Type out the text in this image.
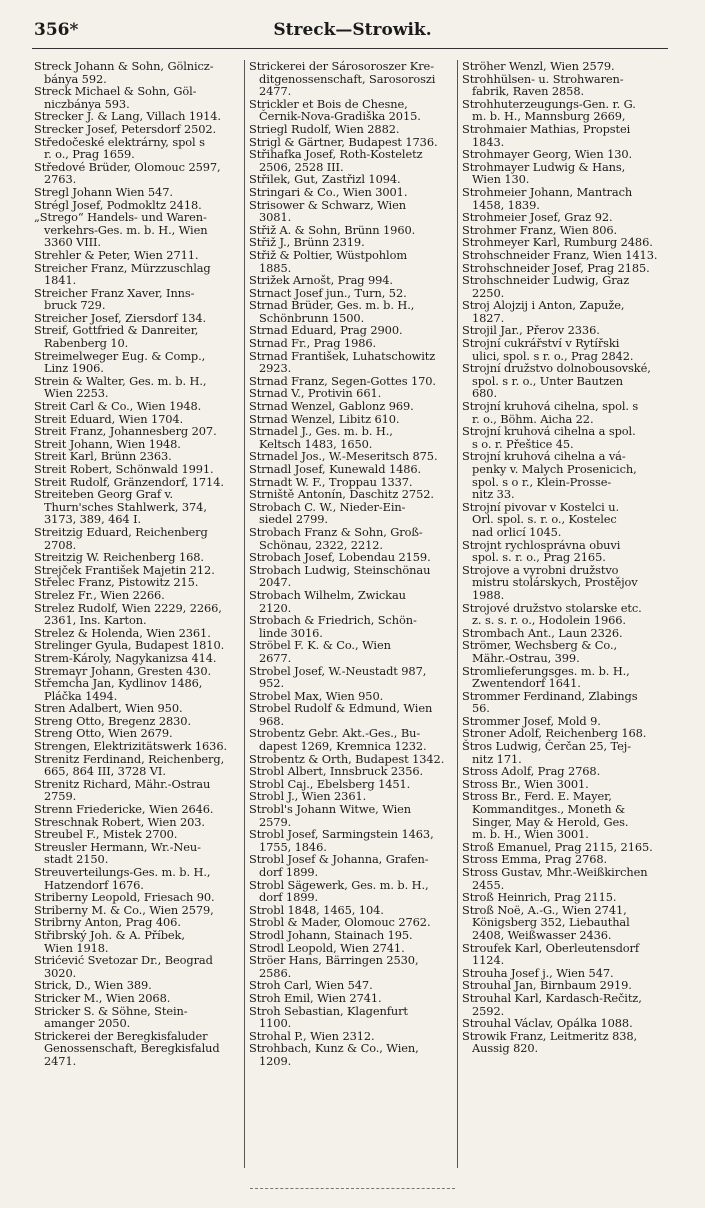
356*	Streck—Strowik.

Streck Johann & Sohn, Gölnicz-
bánya 592.

Streck Michael & Sohn, Göl-
niczbánya 593.

Strecker J. & Lang, Villach 1914.

Strecker Josef, Petersdorf 2502.

Středočeské elektrárny, spol s
r. o., Prag 1659.

Středové Brüder, Olomouc 2597,
2763.

Stregl Johann Wien 547.

Strégl Josef, Podmokltz 2418.

„Strego“ Handels- und Waren-
verkehrs-Ges. m. b. H., Wien
3360 VIII.

Strehler & Peter, Wien 2711.

Streicher Franz, Mürzzuschlag
1841.

Streicher Franz Xaver, Inns-
bruck 729.

Streicher Josef, Ziersdorf 134.

Streif, Gottfried & Danreiter,
Rabenberg 10.

Streimelweger Eug. & Comp.,
Linz 1906.

Strein & Walter, Ges. m. b. H.,
Wien 2253.

Streit Carl & Co., Wien 1948.

Streit Eduard, Wien 1704.

Streit Franz, Johannesberg 207.

Streit Johann, Wien 1948.

Streit Karl, Brünn 2363.

Streit Robert, Schönwald 1991.

Streit Rudolf, Gränzendorf, 1714.

Streiteben Georg Graf v.
Thurn'sches Stahlwerk, 374,
3173, 389, 464 I.

Streitzig Eduard, Reichenberg
2708.

Streitzig W. Reichenberg 168.

Strejček František Majetin 212.

Střelec Franz, Pistowitz 215.

Strelez Fr., Wien 2266.

Strelez Rudolf, Wien 2229, 2266,
2361, Ins. Karton.

Strelez & Holenda, Wien 2361.

Strelinger Gyula, Budapest 1810.

Strem-Károly, Nagykanizsa 414.

Stremayr Johann, Gresten 430.

Střemcha Jan, Kydlinov 1486,
Pláčka 1494.

Stren Adalbert, Wien 950.

Streng Otto, Bregenz 2830.

Streng Otto, Wien 2679.

Strengen, Elektrizitätswerk 1636.

Strenitz Ferdinand, Reichenberg,
665, 864 III, 3728 VI.

Strenitz Richard, Mähr.-Ostrau
2759.

Strenn Friedericke, Wien 2646.

Streschnak Robert, Wien 203.

Streubel F., Mistek 2700.

Streusler Hermann, Wr.-Neu-
stadt 2150.

Streuverteilungs-Ges. m. b. H.,
Hatzendorf 1676.

Striberny Leopold, Friesach 90.

Striberny M. & Co., Wien 2579,

Stribrny Anton, Prag 406.

Střibrský Joh. & A. Příbek,
Wien 1918.

Strićević Svetozar Dr., Beograd
3020.

Strick, D., Wien 389.

Stricker M., Wien 2068.

Stricker S. & Söhne, Stein-
amanger 2050.

Strickerei der Beregkisfaluder
Genossenschaft, Beregkisfalud
2471.

Strickerei der Sárosoroszer Kre-
ditgenossenschaft, Sarosoroszi
2477.

Strickler et Bois de Chesne,
Černik-Nova-Gradiška 2015.

Striegl Rudolf, Wien 2882.

Strigl & Gärtner, Budapest 1736.

Střihafka Josef, Roth-Kosteletz
2506, 2528 III.

Střilek, Gut, Zastřizl 1094.

Stringari & Co., Wien 3001.

Strisower & Schwarz, Wien
3081.

Střiž A. & Sohn, Brünn 1960.

Střiž J., Brünn 2319.

Střiž & Poltier, Wüstpohlom
1885.

Strižek Arnošt, Prag 994.

Strnact Josef jun., Turn, 52.

Strnad Brüder, Ges. m. b. H.,
Schönbrunn 1500.

Strnad Eduard, Prag 2900.

Strnad Fr., Prag 1986.

Strnad František, Luhatschowitz
2923.

Strnad Franz, Segen-Gottes 170.

Strnad V., Protivin 661.

Strnad Wenzel, Gablonz 969.

Strnad Wenzel, Libitz 610.

Strnadel J., Ges. m. b. H.,
Keltsch 1483, 1650.

Strnadel Jos., W.-Meseritsch 875.

Strnadl Josef, Kunewald 1486.

Strnadt W. F., Troppau 1337.

Strniště Antonín, Daschitz 2752.

Strobach C. W., Nieder-Ein-
siedel 2799.

Strobach Franz & Sohn, Groß-
Schönau, 2322, 2212.

Strobach Josef, Lobendau 2159.

Strobach Ludwig, Steinschönau
2047.

Strobach Wilhelm, Zwickau
2120.

Strobach & Friedrich, Schön-
linde 3016.

Ströbel F. K. & Co., Wien
2677.

Strobel Josef, W.-Neustadt 987,
952.

Strobel Max, Wien 950.

Strobel Rudolf & Edmund, Wien
968.

Strobentz Gebr. Akt.-Ges., Bu-
dapest 1269, Kremnica 1232.

Strobentz & Orth, Budapest 1342.

Strobl Albert, Innsbruck 2356.

Strobl Caj., Ebelsberg 1451.

Strobl J., Wien 2361.

Strobl's Johann Witwe, Wien
2579.

Strobl Josef, Sarmingstein 1463,
1755, 1846.

Strobl Josef & Johanna, Grafen-
dorf 1899.

Strobl Sägewerk, Ges. m. b. H.,
dorf 1899.

Strobl 1848, 1465, 104.

Strobl & Mader, Olomouc 2762.

Strodl Johann, Stainach 195.

Strodl Leopold, Wien 2741.

Ströer Hans, Bärringen 2530,
2586.

Stroh Carl, Wien 547.

Stroh Emil, Wien 2741.

Stroh Sebastian, Klagenfurt
1100.

Strohal P., Wien 2312.

Strohbach, Kunz & Co., Wien,
1209.

Ströher Wenzl, Wien 2579.

Strohhülsen- u. Strohwaren-
fabrik, Raven 2858.

Strohhuterzeugungs-Gen. r. G.
m. b. H., Mannsburg 2669,

Strohmaier Mathias, Propstei
1843.

Strohmayer Georg, Wien 130.

Strohmayer Ludwig & Hans,
Wien 130.

Strohmeier Johann, Mantrach
1458, 1839.

Strohmeier Josef, Graz 92.

Strohmer Franz, Wien 806.

Strohmeyer Karl, Rumburg 2486.

Strohschneider Franz, Wien 1413.

Strohschneider Josef, Prag 2185.

Strohschneider Ludwig, Graz
2250.

Stroj Alojzij i Anton, Zapuže,
1827.

Strojil Jar., Přerov 2336.

Strojní cukrářství v Rytířski
ulici, spol. s r. o., Prag 2842.

Strojní družstvo dolnobousovské,
spol. s r. o., Unter Bautzen
680.

Strojní kruhová cihelna, spol. s
r. o., Böhm. Aicha 22.

Strojní kruhová cihelna a spol.
s o. r. Přeštice 45.

Strojní kruhová cihelna a vá-
penky v. Malych Prosenicich,
spol. s o r., Klein-Prosse-
nitz 33.

Strojní pivovar v Kostelci u.
Orl. spol. s. r. o., Kostelec
nad orlicí 1045.

Strojnt rychlosprávna obuvi
spol. s. r. o., Prag 2165.

Strojove a vyrobni družstvo
mistru stolárskych, Prostějov
1988.

Strojové družstvo stolarske etc.
z. s. s. r. o., Hodolein 1966.

Strombach Ant., Laun 2326.

Strömer, Wechsberg & Co.,
Mähr.-Ostrau, 399.

Stromlieferungsges. m. b. H.,
Zwentendorf 1641.

Strommer Ferdinand, Zlabings
56.

Strommer Josef, Mold 9.

Stroner Adolf, Reichenberg 168.

Štros Ludwig, Čerčan 25, Tej-
nitz 171.

Stross Adolf, Prag 2768.

Stross Br., Wien 3001.

Stross Br., Ferd. E. Mayer,
Kommanditges., Moneth &
Singer, May & Herold, Ges.
m. b. H., Wien 3001.

Stroß Emanuel, Prag 2115, 2165.

Stross Emma, Prag 2768.

Stross Gustav, Mhr.-Weißkirchen
2455.

Stroß Heinrich, Prag 2115.

Stroß Noë, A.-G., Wien 2741,
Königsberg 352, Liebauthal
2408, Weißwasser 2436.

Stroufek Karl, Oberleutensdorf
1124.

Strouha Josef j., Wien 547.

Strouhal Jan, Birnbaum 2919.

Strouhal Karl, Kardasch-Rečitz,
2592.

Strouhal Václav, Opálka 1088.

Strowik Franz, Leitmeritz 838,
Aussig 820.
